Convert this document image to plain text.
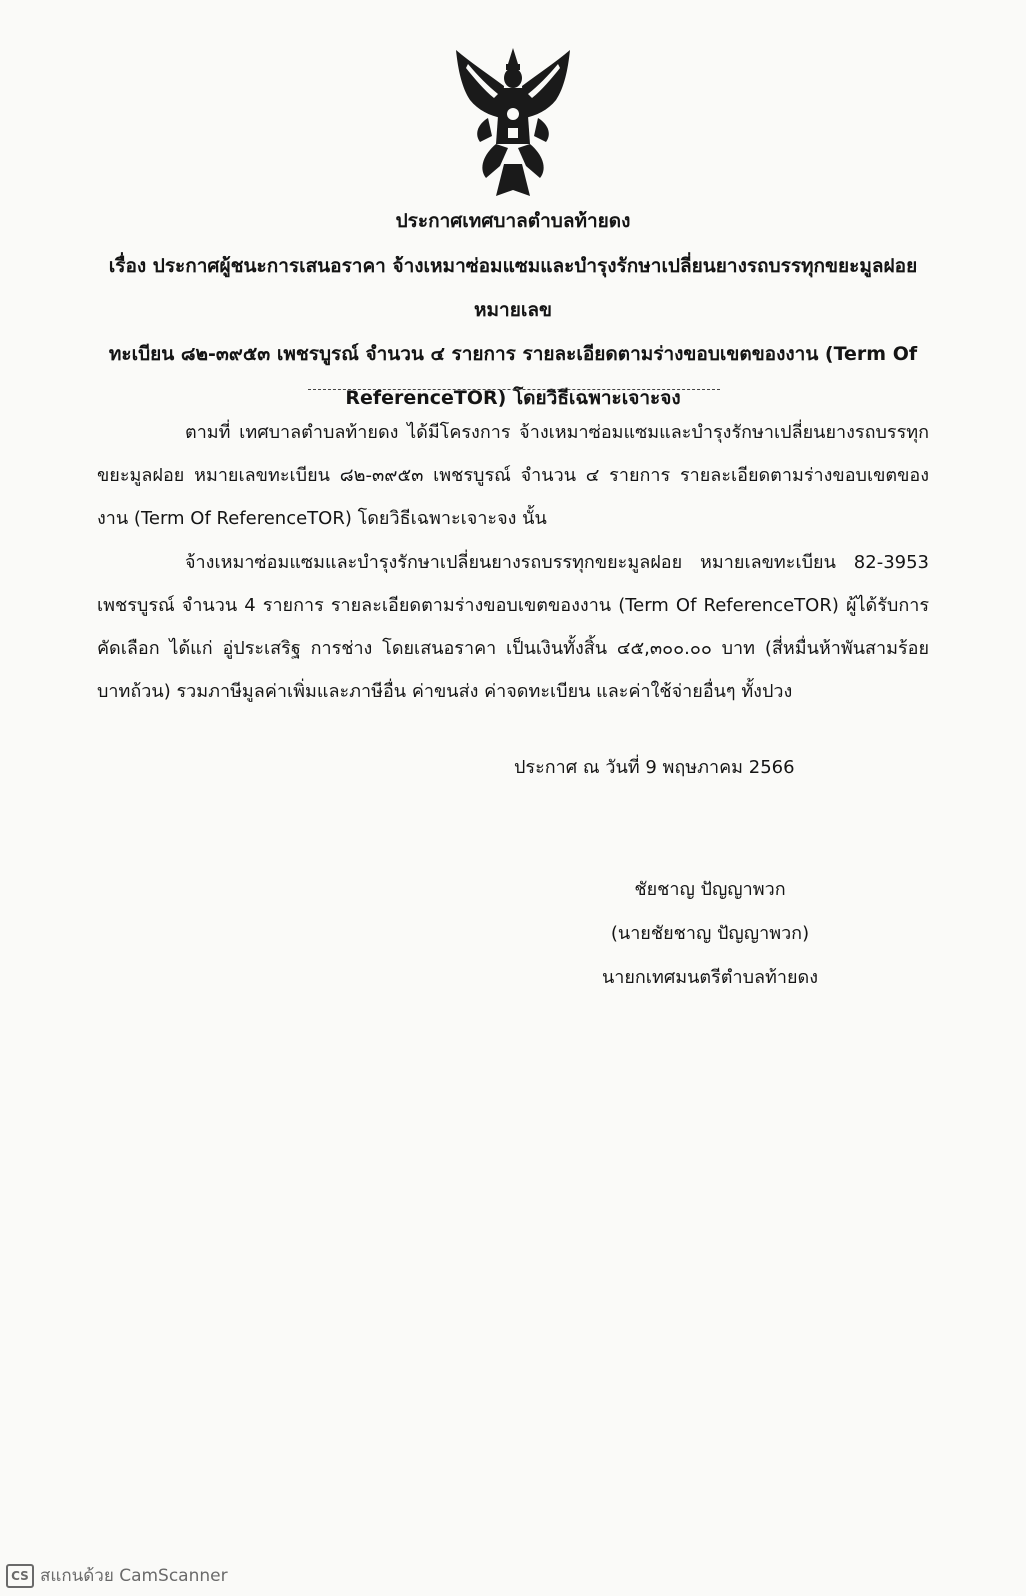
ประกาศเทศบาลตำบลท้ายดง
เรื่อง ประกาศผู้ชนะการเสนอราคา จ้างเหมาซ่อมแซมและบำรุงรักษาเปลี่ยนยางรถบรรทุกขยะมูลฝอย หมายเลข
ทะเบียน ๘๒-๓๙๕๓ เพชรบูรณ์ จำนวน ๔ รายการ รายละเอียดตามร่างขอบเขตของงาน (Term Of
ReferenceTOR) โดยวิธีเฉพาะเจาะจง
ตามที่ เทศบาลตำบลท้ายดง ได้มีโครงการ จ้างเหมาซ่อมแซมและบำรุงรักษาเปลี่ยนยางรถบรรทุกขยะมูลฝอย หมายเลขทะเบียน ๘๒-๓๙๕๓ เพชรบูรณ์ จำนวน ๔ รายการ รายละเอียดตามร่างขอบเขตของงาน (Term Of ReferenceTOR) โดยวิธีเฉพาะเจาะจง นั้น
จ้างเหมาซ่อมแซมและบำรุงรักษาเปลี่ยนยางรถบรรทุกขยะมูลฝอย หมายเลขทะเบียน 82-3953 เพชรบูรณ์ จำนวน 4 รายการ รายละเอียดตามร่างขอบเขตของงาน (Term Of ReferenceTOR) ผู้ได้รับการคัดเลือก ได้แก่ อู่ประเสริฐ การช่าง โดยเสนอราคา เป็นเงินทั้งสิ้น ๔๕,๓๐๐.๐๐ บาท (สี่หมื่นห้าพันสามร้อยบาทถ้วน) รวมภาษีมูลค่าเพิ่มและภาษีอื่น ค่าขนส่ง ค่าจดทะเบียน และค่าใช้จ่ายอื่นๆ ทั้งปวง
ประกาศ ณ วันที่ 9 พฤษภาคม 2566
ชัยชาญ ปัญญาพวก
(นายชัยชาญ ปัญญาพวก)
นายกเทศมนตรีตำบลท้ายดง
CS สแกนด้วย CamScanner
